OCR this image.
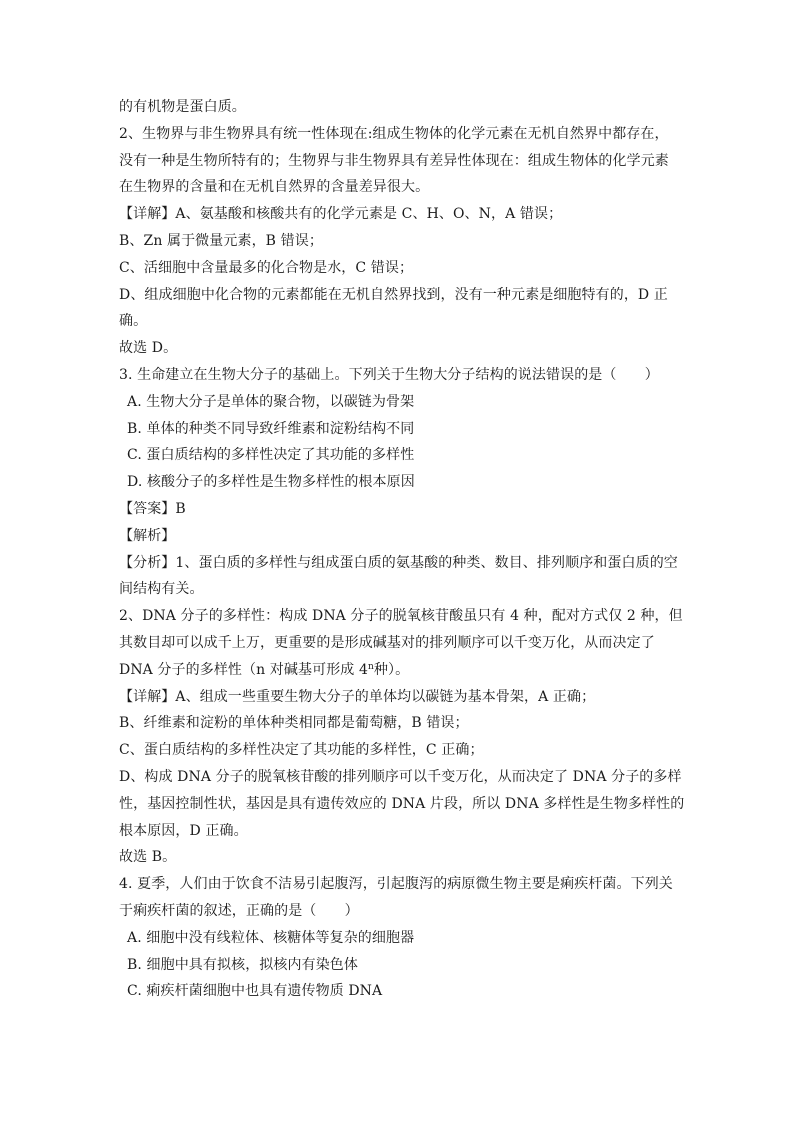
的有机物是蛋白质。
2、生物界与非生物界具有统一性体现在:组成生物体的化学元素在无机自然界中都存在，
没有一种是生物所特有的；生物界与非生物界具有差异性体现在：组成生物体的化学元素
在生物界的含量和在无机自然界的含量差异很大。
【详解】A、氨基酸和核酸共有的化学元素是 C、H、O、N，A 错误；
B、Zn 属于微量元素，B 错误；
C、活细胞中含量最多的化合物是水，C 错误；
D、组成细胞中化合物的元素都能在无机自然界找到，没有一种元素是细胞特有的，D 正
确。
故选 D。
3. 生命建立在生物大分子的基础上。下列关于生物大分子结构的说法错误的是（　　）
A. 生物大分子是单体的聚合物，以碳链为骨架
B. 单体的种类不同导致纤维素和淀粉结构不同
C. 蛋白质结构的多样性决定了其功能的多样性
D. 核酸分子的多样性是生物多样性的根本原因
【答案】B
【解析】
【分析】1、蛋白质的多样性与组成蛋白质的氨基酸的种类、数目、排列顺序和蛋白质的空
间结构有关。
2、DNA 分子的多样性：构成 DNA 分子的脱氧核苷酸虽只有 4 种，配对方式仅 2 种，但
其数目却可以成千上万，更重要的是形成碱基对的排列顺序可以千变万化，从而决定了
DNA 分子的多样性（n 对碱基可形成 4$^n$种）。
【详解】A、组成一些重要生物大分子的单体均以碳链为基本骨架，A 正确；
B、纤维素和淀粉的单体种类相同都是葡萄糖，B 错误；
C、蛋白质结构的多样性决定了其功能的多样性，C 正确；
D、构成 DNA 分子的脱氧核苷酸的排列顺序可以千变万化，从而决定了 DNA 分子的多样
性，基因控制性状，基因是具有遗传效应的 DNA 片段，所以 DNA 多样性是生物多样性的
根本原因，D 正确。
故选 B。
4. 夏季，人们由于饮食不洁易引起腹泻，引起腹泻的病原微生物主要是痢疾杆菌。下列关
于痢疾杆菌的叙述，正确的是（　　）
A. 细胞中没有线粒体、核糖体等复杂的细胞器
B. 细胞中具有拟核，拟核内有染色体
C. 痢疾杆菌细胞中也具有遗传物质 DNA
